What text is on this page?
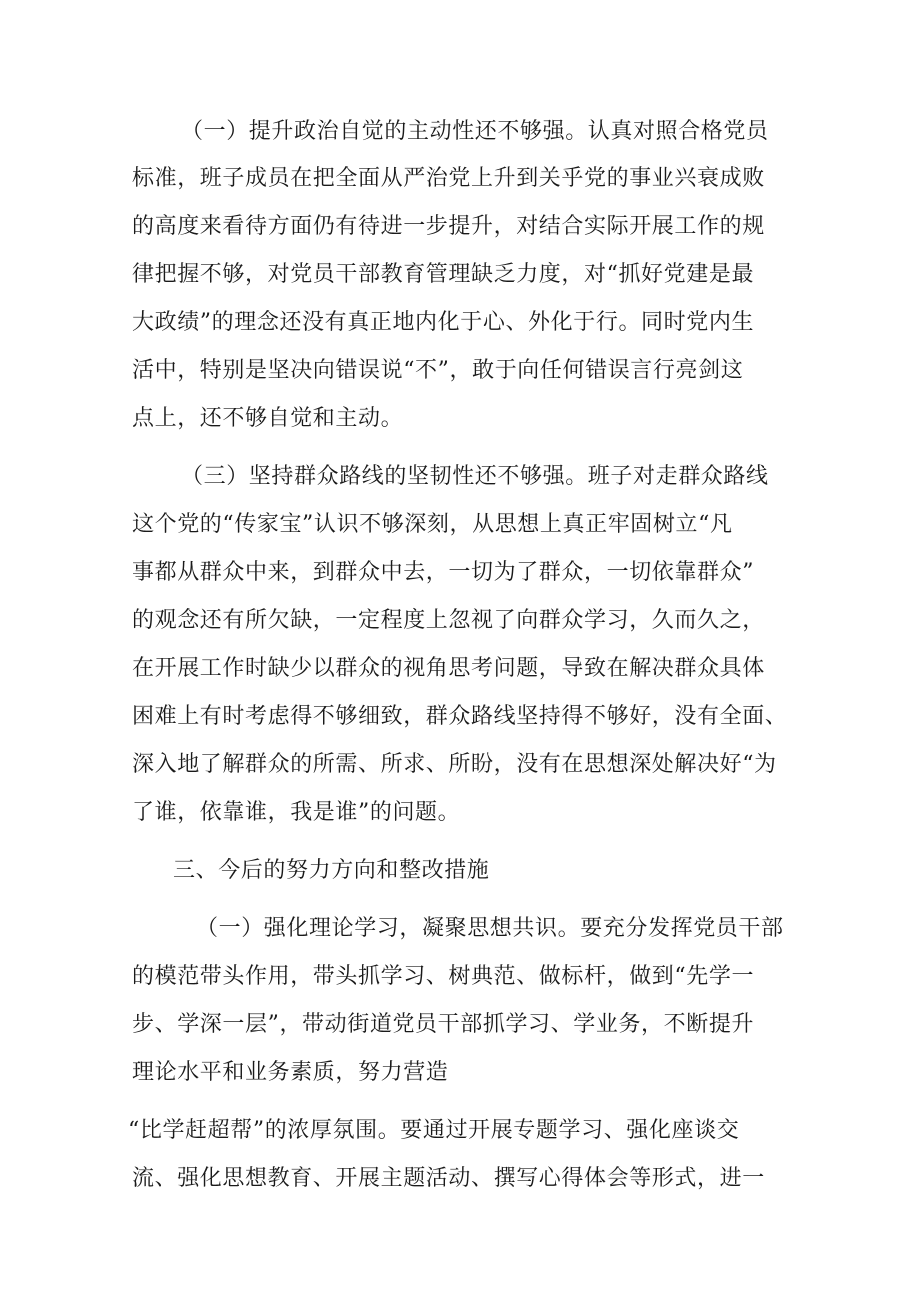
（一）提升政治自觉的主动性还不够强。认真对照合格党员
标准，班子成员在把全面从严治党上升到关乎党的事业兴衰成败
的高度来看待方面仍有待进一步提升，对结合实际开展工作的规
律把握不够，对党员干部教育管理缺乏力度，对“抓好党建是最
大政绩”的理念还没有真正地内化于心、外化于行。同时党内生
活中，特别是坚决向错误说“不”，敢于向任何错误言行亮剑这
点上，还不够自觉和主动。
（三）坚持群众路线的坚韧性还不够强。班子对走群众路线
这个党的“传家宝”认识不够深刻，从思想上真正牢固树立“凡
事都从群众中来，到群众中去，一切为了群众，一切依靠群众”
的观念还有所欠缺，一定程度上忽视了向群众学习，久而久之，
在开展工作时缺少以群众的视角思考问题，导致在解决群众具体
困难上有时考虑得不够细致，群众路线坚持得不够好，没有全面、
深入地了解群众的所需、所求、所盼，没有在思想深处解决好“为
了谁，依靠谁，我是谁”的问题。
三、今后的努力方向和整改措施
（一）强化理论学习，凝聚思想共识。要充分发挥党员干部
的模范带头作用，带头抓学习、树典范、做标杆，做到“先学一
步、学深一层”，带动街道党员干部抓学习、学业务，不断提升
理论水平和业务素质，努力营造
“比学赶超帮”的浓厚氛围。要通过开展专题学习、强化座谈交
流、强化思想教育、开展主题活动、撰写心得体会等形式，进一
